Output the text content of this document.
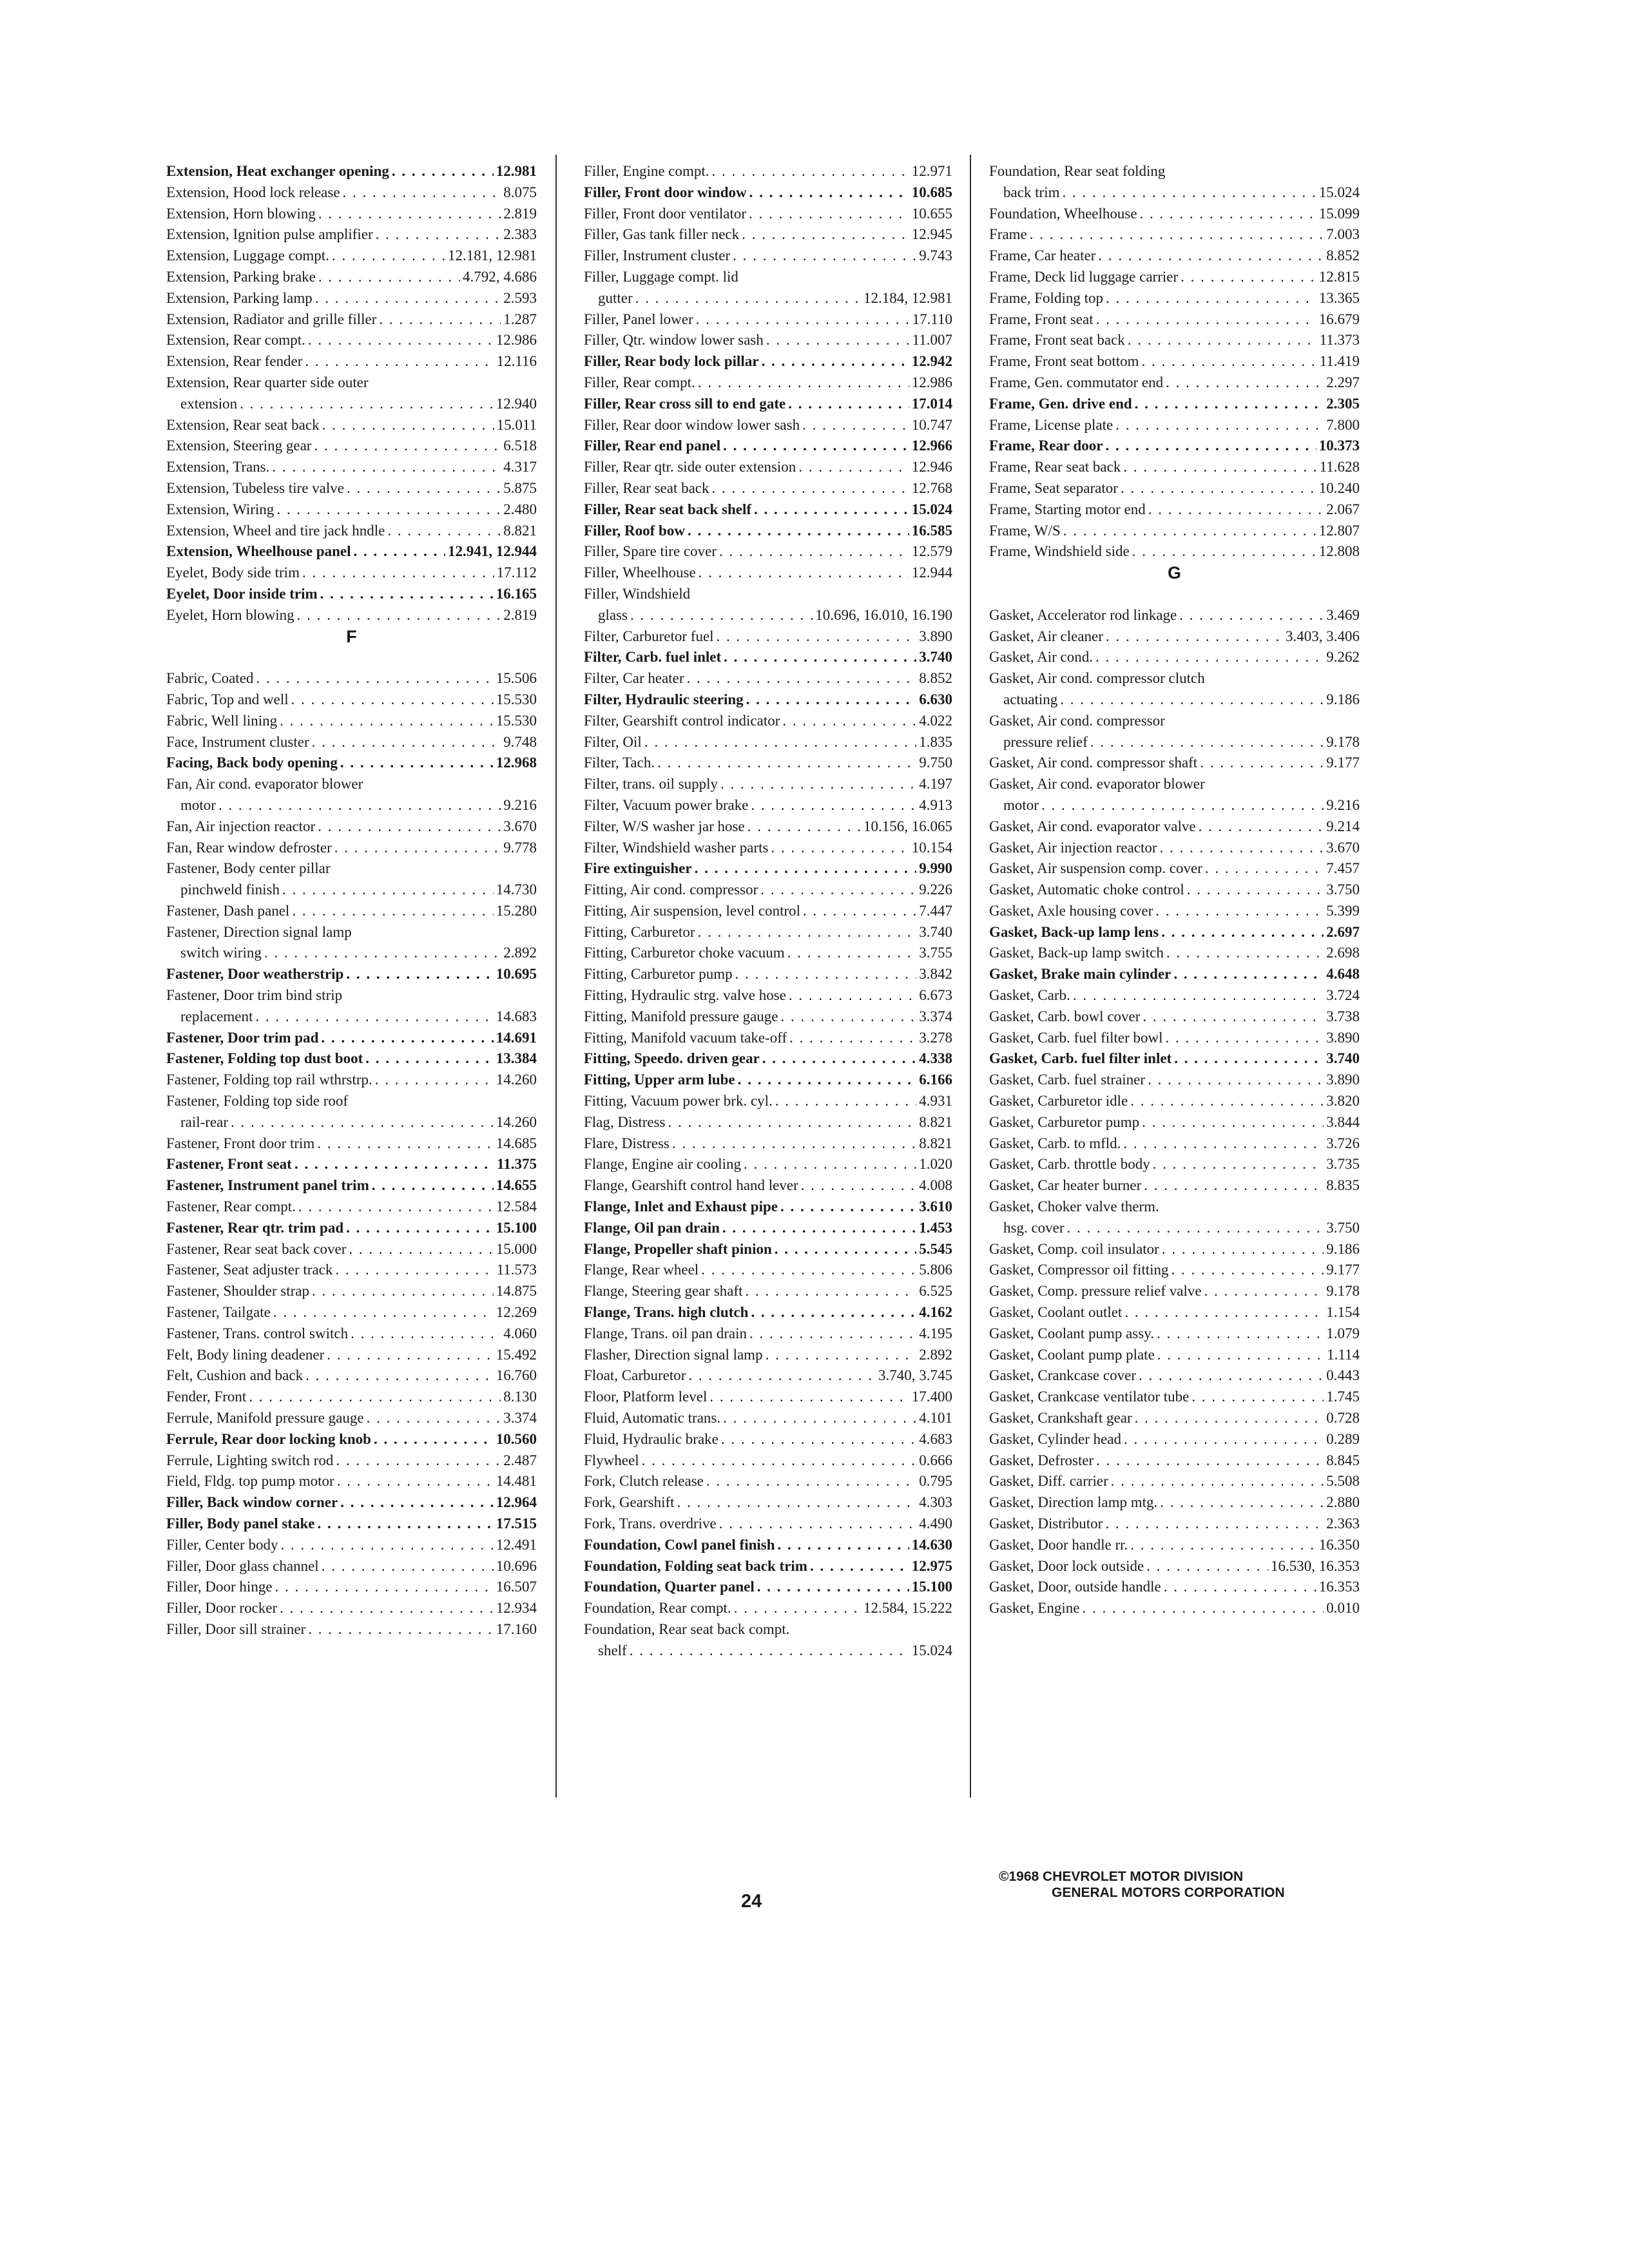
Extension, Heat exchanger opening . . .	12.981
Extension, Hood lock release . . .	8.075
Extension, Horn blowing . . .	2.819
Extension, Ignition pulse amplifier . . .	2.383
Extension, Luggage compt. . . .	12.181, 12.981
Extension, Parking brake . . .	4.792, 4.686
Extension, Parking lamp . . .	2.593
Extension, Radiator and grille filler . . .	1.287
Extension, Rear compt. . . .	12.986
Extension, Rear fender . . .	12.116
Extension, Rear quarter side outer
extension . . .	12.940
Extension, Rear seat back . . .	15.011
Extension, Steering gear . . .	6.518
Extension, Trans. . . .	4.317
Extension, Tubeless tire valve . . .	5.875
Extension, Wiring . . .	2.480
Extension, Wheel and tire jack hndle . . .	8.821
Extension, Wheelhouse panel . . .	12.941, 12.944
Eyelet, Body side trim . . .	17.112
Eyelet, Door inside trim . . .	16.165
Eyelet, Horn blowing . . .	2.819
F
Fabric, Coated . . .	15.506
Fabric, Top and well . . .	15.530
Fabric, Well lining . . .	15.530
Face, Instrument cluster . . .	9.748
Facing, Back body opening . . .	12.968
Fan, Air cond. evaporator blower
motor . . .	9.216
Fan, Air injection reactor . . .	3.670
Fan, Rear window defroster . . .	9.778
Fastener, Body center pillar
pinchweld finish . . .	14.730
Fastener, Dash panel . . .	15.280
Fastener, Direction signal lamp
switch wiring . . .	2.892
Fastener, Door weatherstrip . . .	10.695
Fastener, Door trim bind strip
replacement . . .	14.683
Fastener, Door trim pad . . .	14.691
Fastener, Folding top dust boot . . .	13.384
Fastener, Folding top rail wthrstrp. . . .	14.260
Fastener, Folding top side roof
rail-rear . . .	14.260
Fastener, Front door trim . . .	14.685
Fastener, Front seat . . .	11.375
Fastener, Instrument panel trim . . .	14.655
Fastener, Rear compt. . . .	12.584
Fastener, Rear qtr. trim pad . . .	15.100
Fastener, Rear seat back cover . . .	15.000
Fastener, Seat adjuster track . . .	11.573
Fastener, Shoulder strap . . .	14.875
Fastener, Tailgate . . .	12.269
Fastener, Trans. control switch . . .	4.060
Felt, Body lining deadener . . .	15.492
Felt, Cushion and back . . .	16.760
Fender, Front . . .	8.130
Ferrule, Manifold pressure gauge . . .	3.374
Ferrule, Rear door locking knob . . .	10.560
Ferrule, Lighting switch rod . . .	2.487
Field, Fldg. top pump motor . . .	14.481
Filler, Back window corner . . .	12.964
Filler, Body panel stake . . .	17.515
Filler, Center body . . .	12.491
Filler, Door glass channel . . .	10.696
Filler, Door hinge . . .	16.507
Filler, Door rocker . . .	12.934
Filler, Door sill strainer . . .	17.160
Filler, Engine compt. . . .	12.971
Filler, Front door window . . .	10.685
Filler, Front door ventilator . . .	10.655
Filler, Gas tank filler neck . . .	12.945
Filler, Instrument cluster . . .	9.743
Filler, Luggage compt. lid
gutter . . .	12.184, 12.981
Filler, Panel lower . . .	17.110
Filler, Qtr. window lower sash . . .	11.007
Filler, Rear body lock pillar . . .	12.942
Filler, Rear compt. . . .	12.986
Filler, Rear cross sill to end gate . . .	17.014
Filler, Rear door window lower sash . . .	10.747
Filler, Rear end panel . . .	12.966
Filler, Rear qtr. side outer extension . . .	12.946
Filler, Rear seat back . . .	12.768
Filler, Rear seat back shelf . . .	15.024
Filler, Roof bow . . .	16.585
Filler, Spare tire cover . . .	12.579
Filler, Wheelhouse . . .	12.944
Filler, Windshield
glass . . .	10.696, 16.010, 16.190
Filter, Carburetor fuel . . .	3.890
Filter, Carb. fuel inlet . . .	3.740
Filter, Car heater . . .	8.852
Filter, Hydraulic steering . . .	6.630
Filter, Gearshift control indicator . . .	4.022
Filter, Oil . . .	1.835
Filter, Tach. . . .	9.750
Filter, trans. oil supply . . .	4.197
Filter, Vacuum power brake . . .	4.913
Filter, W/S washer jar hose . . .	10.156, 16.065
Filter, Windshield washer parts . . .	10.154
Fire extinguisher . . .	9.990
Fitting, Air cond. compressor . . .	9.226
Fitting, Air suspension, level control . . .	7.447
Fitting, Carburetor . . .	3.740
Fitting, Carburetor choke vacuum . . .	3.755
Fitting, Carburetor pump . . .	3.842
Fitting, Hydraulic strg. valve hose . . .	6.673
Fitting, Manifold pressure gauge . . .	3.374
Fitting, Manifold vacuum take-off . . .	3.278
Fitting, Speedo. driven gear . . .	4.338
Fitting, Upper arm lube . . .	6.166
Fitting, Vacuum power brk. cyl. . . .	4.931
Flag, Distress . . .	8.821
Flare, Distress . . .	8.821
Flange, Engine air cooling . . .	1.020
Flange, Gearshift control hand lever . . .	4.008
Flange, Inlet and Exhaust pipe . . .	3.610
Flange, Oil pan drain . . .	1.453
Flange, Propeller shaft pinion . . .	5.545
Flange, Rear wheel . . .	5.806
Flange, Steering gear shaft . . .	6.525
Flange, Trans. high clutch . . .	4.162
Flange, Trans. oil pan drain . . .	4.195
Flasher, Direction signal lamp . . .	2.892
Float, Carburetor . . .	3.740, 3.745
Floor, Platform level . . .	17.400
Fluid, Automatic trans. . . .	4.101
Fluid, Hydraulic brake . . .	4.683
Flywheel . . .	0.666
Fork, Clutch release . . .	0.795
Fork, Gearshift . . .	4.303
Fork, Trans. overdrive . . .	4.490
Foundation, Cowl panel finish . . .	14.630
Foundation, Folding seat back trim . . .	12.975
Foundation, Quarter panel . . .	15.100
Foundation, Rear compt. . . .	12.584, 15.222
Foundation, Rear seat back compt.
shelf . . .	15.024
Foundation, Rear seat folding
back trim . . .	15.024
Foundation, Wheelhouse . . .	15.099
Frame . . .	7.003
Frame, Car heater . . .	8.852
Frame, Deck lid luggage carrier . . .	12.815
Frame, Folding top . . .	13.365
Frame, Front seat . . .	16.679
Frame, Front seat back . . .	11.373
Frame, Front seat bottom . . .	11.419
Frame, Gen. commutator end . . .	2.297
Frame, Gen. drive end . . .	2.305
Frame, License plate . . .	7.800
Frame, Rear door . . .	10.373
Frame, Rear seat back . . .	11.628
Frame, Seat separator . . .	10.240
Frame, Starting motor end . . .	2.067
Frame, W/S . . .	12.807
Frame, Windshield side . . .	12.808
G
Gasket, Accelerator rod linkage . . .	3.469
Gasket, Air cleaner . . .	3.403, 3.406
Gasket, Air cond. . . .	9.262
Gasket, Air cond. compressor clutch
actuating . . .	9.186
Gasket, Air cond. compressor
pressure relief . . .	9.178
Gasket, Air cond. compressor shaft . . .	9.177
Gasket, Air cond. evaporator blower
motor . . .	9.216
Gasket, Air cond. evaporator valve . . .	9.214
Gasket, Air injection reactor . . .	3.670
Gasket, Air suspension comp. cover . . .	7.457
Gasket, Automatic choke control . . .	3.750
Gasket, Axle housing cover . . .	5.399
Gasket, Back-up lamp lens . . .	2.697
Gasket, Back-up lamp switch . . .	2.698
Gasket, Brake main cylinder . . .	4.648
Gasket, Carb. . . .	3.724
Gasket, Carb. bowl cover . . .	3.738
Gasket, Carb. fuel filter bowl . . .	3.890
Gasket, Carb. fuel filter inlet . . .	3.740
Gasket, Carb. fuel strainer . . .	3.890
Gasket, Carburetor idle . . .	3.820
Gasket, Carburetor pump . . .	3.844
Gasket, Carb. to mfld. . . .	3.726
Gasket, Carb. throttle body . . .	3.735
Gasket, Car heater burner . . .	8.835
Gasket, Choker valve therm.
hsg. cover . . .	3.750
Gasket, Comp. coil insulator . . .	9.186
Gasket, Compressor oil fitting . . .	9.177
Gasket, Comp. pressure relief valve . . .	9.178
Gasket, Coolant outlet . . .	1.154
Gasket, Coolant pump assy. . . .	1.079
Gasket, Coolant pump plate . . .	1.114
Gasket, Crankcase cover . . .	0.443
Gasket, Crankcase ventilator tube . . .	1.745
Gasket, Crankshaft gear . . .	0.728
Gasket, Cylinder head . . .	0.289
Gasket, Defroster . . .	8.845
Gasket, Diff. carrier . . .	5.508
Gasket, Direction lamp mtg. . . .	2.880
Gasket, Distributor . . .	2.363
Gasket, Door handle rr. . . .	16.350
Gasket, Door lock outside . . .	16.530, 16.353
Gasket, Door, outside handle . . .	16.353
Gasket, Engine . . .	0.010
24
©1968 CHEVROLET MOTOR DIVISION
GENERAL MOTORS CORPORATION
